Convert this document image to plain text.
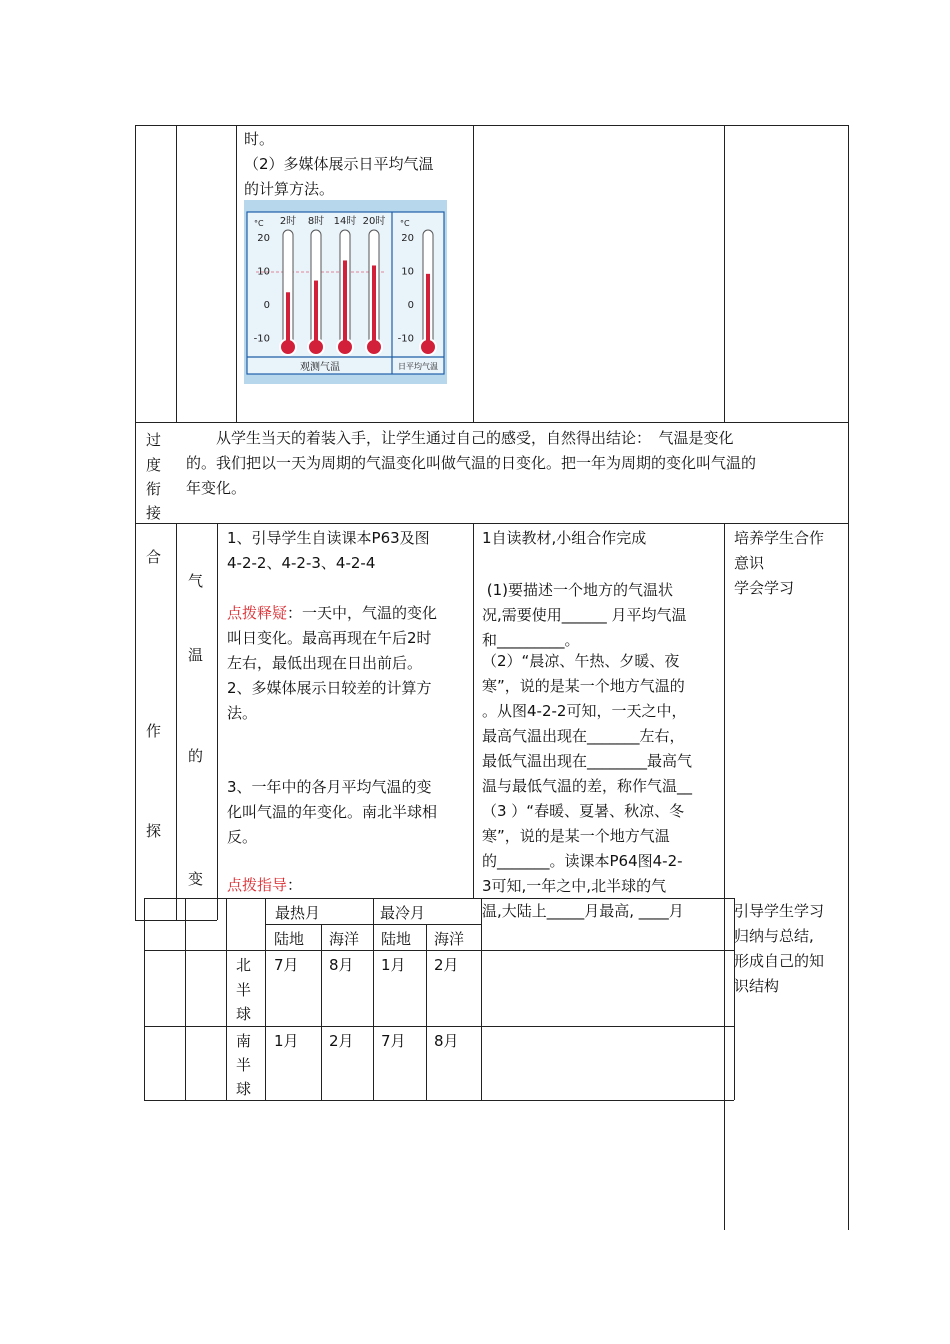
时。
（2）多媒体展示日平均气温
的计算方法。
2时 8时 14时 20时
°C	°C
20	20
10	10
0	0
-10	-10
观测气温	日平均气温
过
度
衔
接
　　从学生当天的着装入手，让学生通过自己的感受，自然得出结论：　气温是变化
的。我们把以一天为周期的气温变化叫做气温的日变化。把一年为周期的变化叫气温的
年变化。
合
作
探
气
温
的
变
1、引导学生自读课本P63及图
4-2-2、4-2-3、4-2-4
点拨释疑：一天中，气温的变化
叫日变化。最高再现在午后2时
左右，最低出现在日出前后。
2、多媒体展示日较差的计算方
法。
3、一年中的各月平均气温的变
化叫气温的年变化。南北半球相
反。
点拨指导：
1自读教材,小组合作完成
(1)要描述一个地方的气温状
况,需要使用______ 月平均气温
和_________。
（2）“晨凉、午热、夕暖、夜
寒”，说的是某一个地方气温的
。从图4-2-2可知，一天之中，
最高气温出现在_______左右，
最低气温出现在________最高气
温与最低气温的差，称作气温__
（3 ）“春暖、夏暑、秋凉、冬
寒”，说的是某一个地方气温
的_______。读课本P64图4-2-
3可知,一年之中,北半球的气
温,大陆上_____月最高, ____月
培养学生合作
意识
学会学习
最热月	最冷月
陆地 海洋 陆地 海洋
北
半
球
7月 8月 1月 2月
南
半
球
1月 2月 7月 8月
引导学生学习
归纳与总结,
形成自己的知
识结构
